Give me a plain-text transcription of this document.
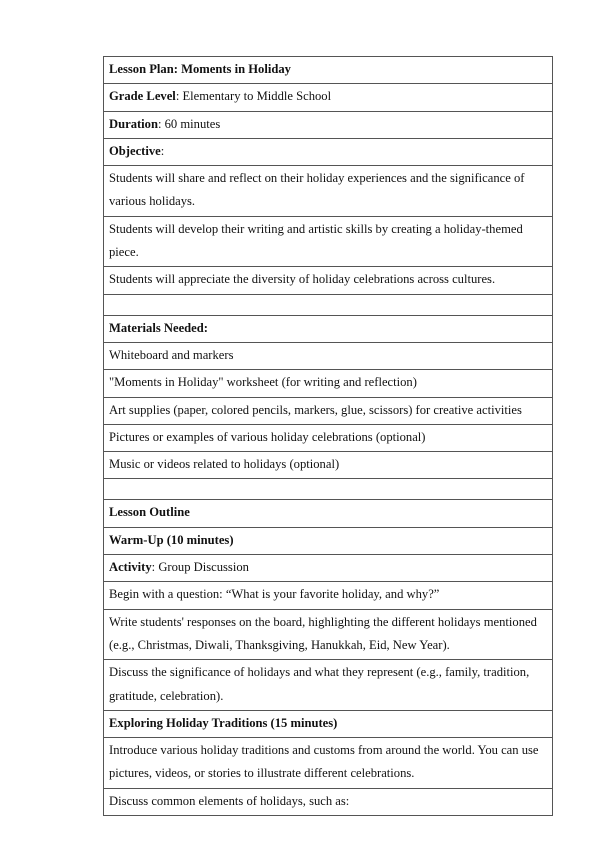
Lesson Plan: Moments in Holiday
Grade Level: Elementary to Middle School
Duration: 60 minutes
Objective:
Students will share and reflect on their holiday experiences and the significance of various holidays.
Students will develop their writing and artistic skills by creating a holiday-themed piece.
Students will appreciate the diversity of holiday celebrations across cultures.

Materials Needed:
Whiteboard and markers
"Moments in Holiday" worksheet (for writing and reflection)
Art supplies (paper, colored pencils, markers, glue, scissors) for creative activities
Pictures or examples of various holiday celebrations (optional)
Music or videos related to holidays (optional)

Lesson Outline
Warm-Up (10 minutes)
Activity: Group Discussion
Begin with a question: “What is your favorite holiday, and why?”
Write students' responses on the board, highlighting the different holidays mentioned (e.g., Christmas, Diwali, Thanksgiving, Hanukkah, Eid, New Year).
Discuss the significance of holidays and what they represent (e.g., family, tradition, gratitude, celebration).
Exploring Holiday Traditions (15 minutes)
Introduce various holiday traditions and customs from around the world. You can use pictures, videos, or stories to illustrate different celebrations.
Discuss common elements of holidays, such as:
